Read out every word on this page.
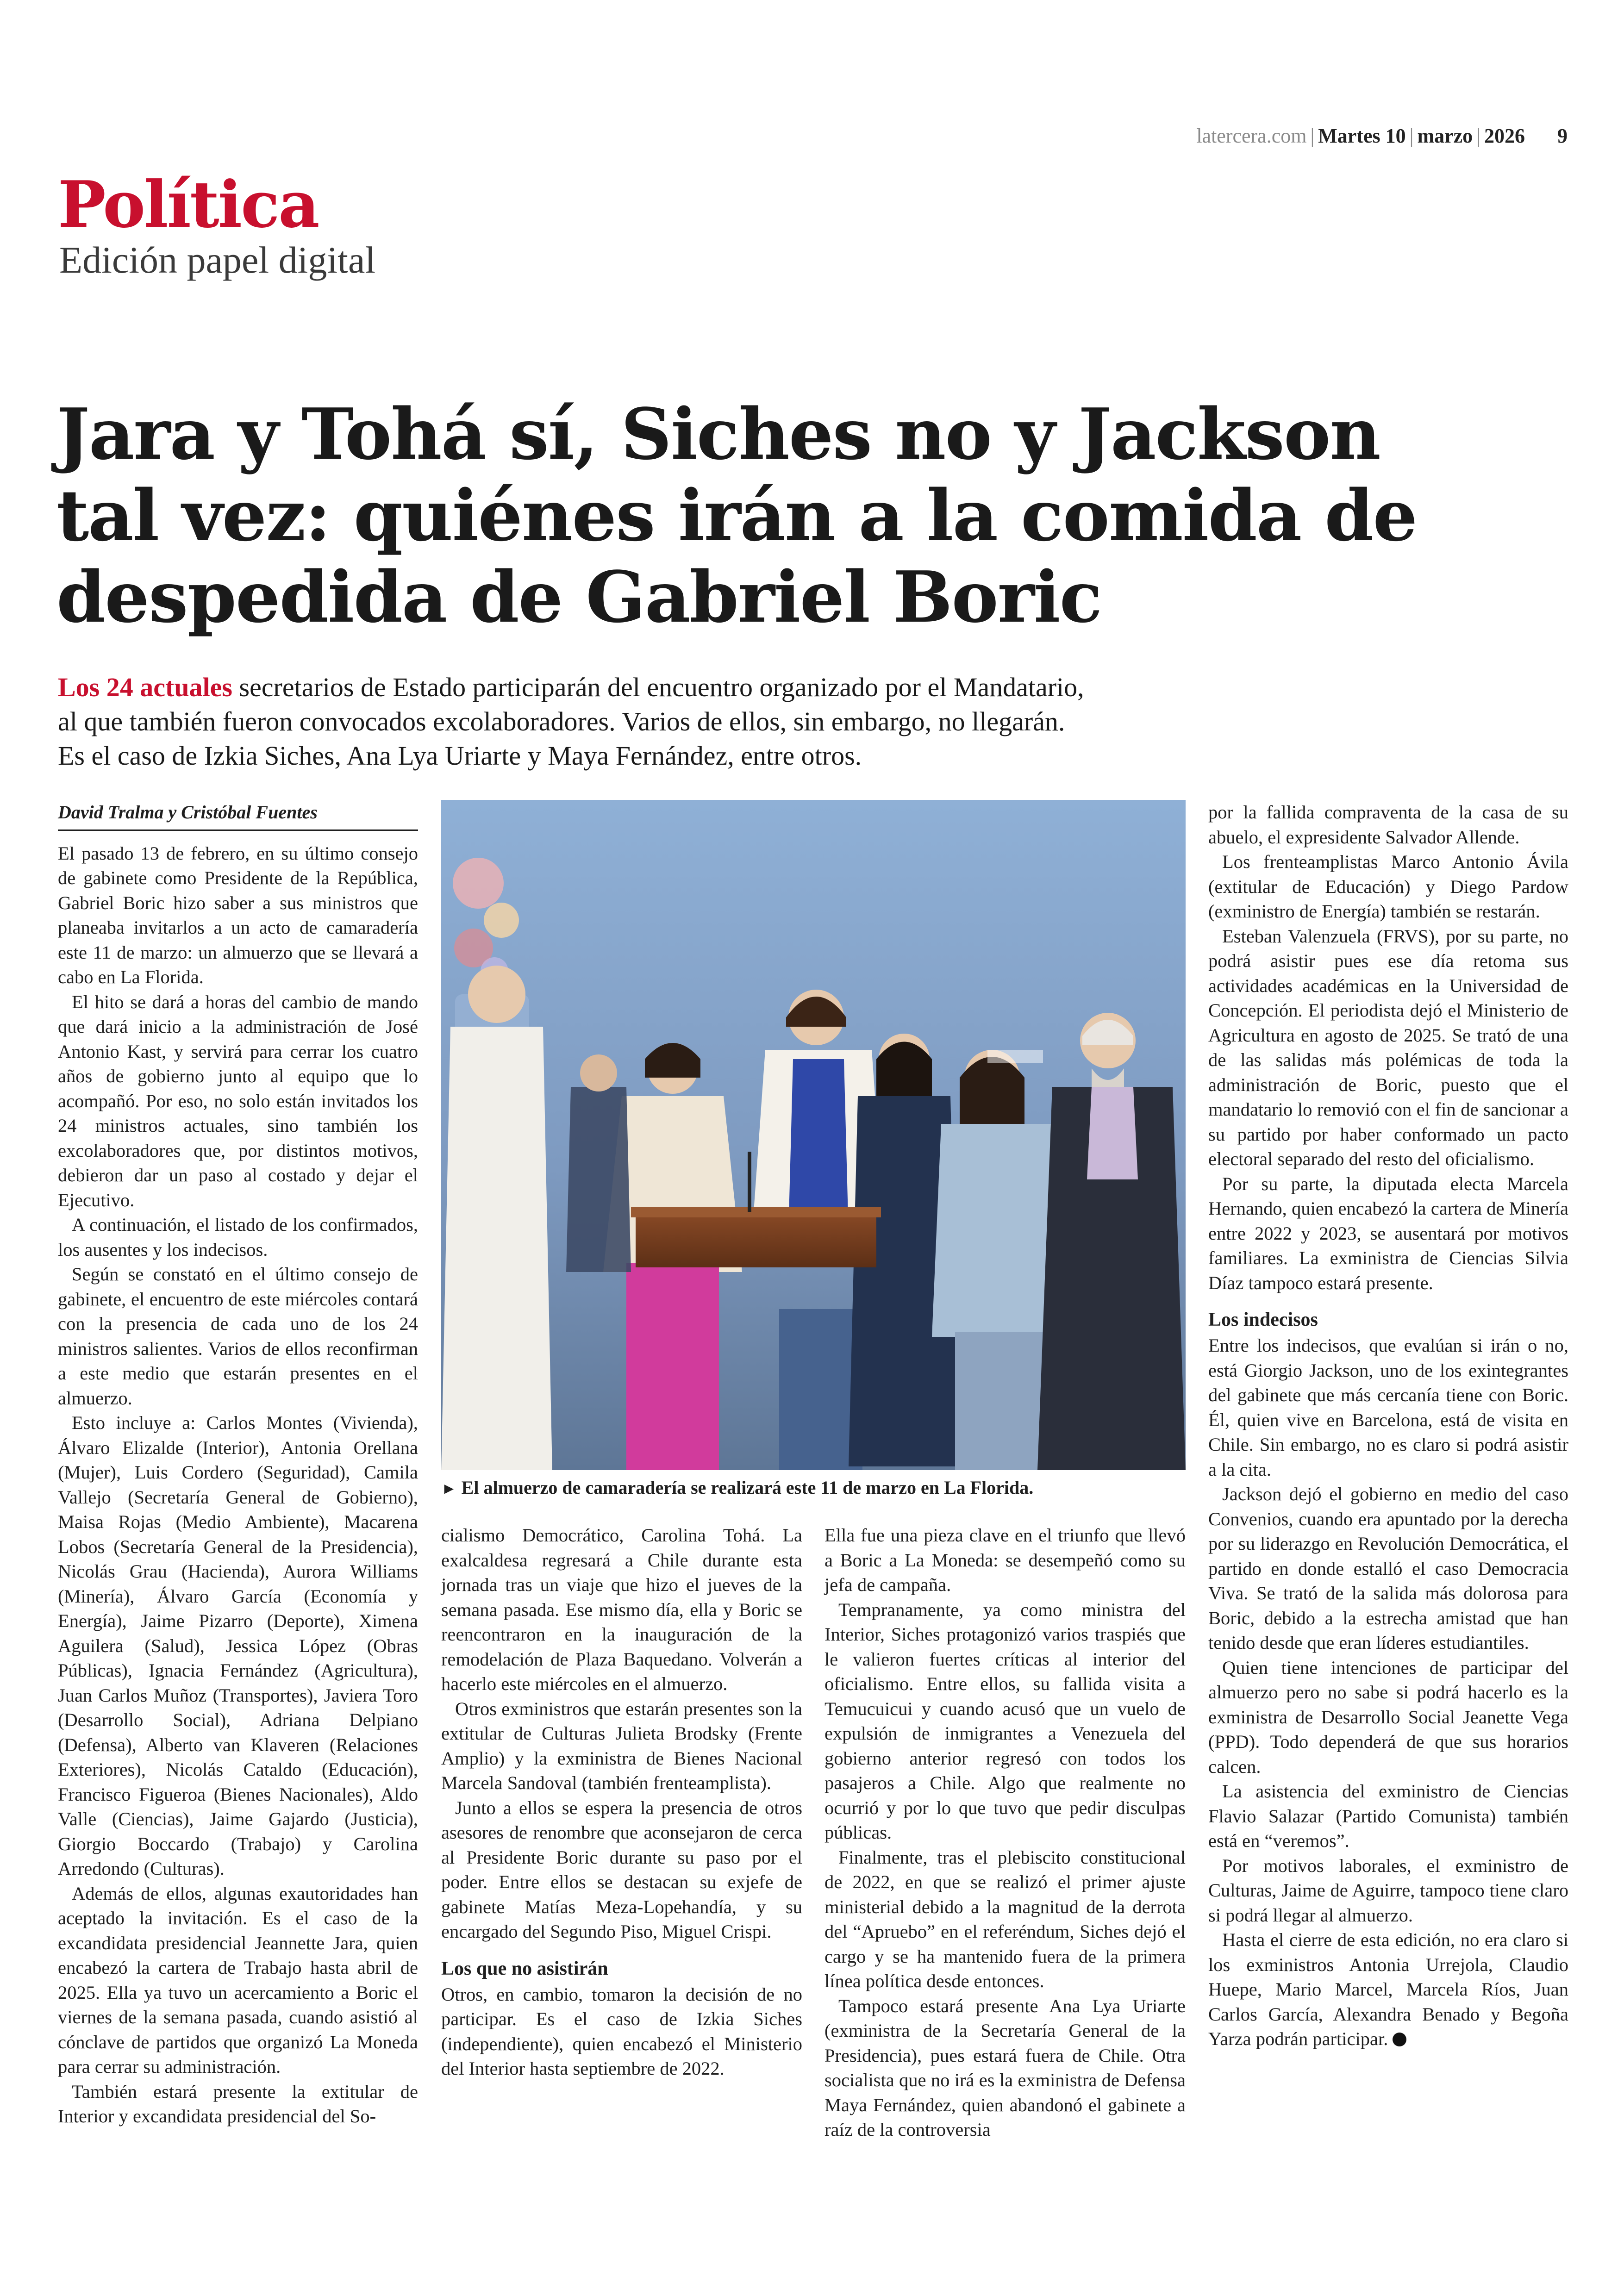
latercera.com | Martes 10 | marzo | 2026 9
Política
Edición papel digital
Jara y Tohá sí, Siches no y Jackson
tal vez: quiénes irán a la comida de
despedida de Gabriel Boric
Los 24 actuales secretarios de Estado participarán del encuentro organizado por el Mandatario,
al que también fueron convocados excolaboradores. Varios de ellos, sin embargo, no llegarán.
Es el caso de Izkia Siches, Ana Lya Uriarte y Maya Fernández, entre otros.
David Tralma y Cristóbal Fuentes

El pasado 13 de febrero, en su último consejo de gabinete como Presidente de la República, Gabriel Boric hizo saber a sus ministros que planeaba invitarlos a un acto de camaradería este 11 de marzo: un almuerzo que se llevará a cabo en La Florida.

El hito se dará a horas del cambio de mando que dará inicio a la administración de José Antonio Kast, y servirá para cerrar los cuatro años de gobierno junto al equipo que lo acompañó. Por eso, no solo están invitados los 24 ministros actuales, sino también los excolaboradores que, por distintos motivos, debieron dar un paso al costado y dejar el Ejecutivo.

A continuación, el listado de los confirmados, los ausentes y los indecisos.

Según se constató en el último consejo de gabinete, el encuentro de este miércoles contará con la presencia de cada uno de los 24 ministros salientes. Varios de ellos reconfirman a este medio que estarán presentes en el almuerzo.

Esto incluye a: Carlos Montes (Vivienda), Álvaro Elizalde (Interior), Antonia Orellana (Mujer), Luis Cordero (Seguridad), Camila Vallejo (Secretaría General de Gobierno), Maisa Rojas (Medio Ambiente), Macarena Lobos (Secretaría General de la Presidencia), Nicolás Grau (Hacienda), Aurora Williams (Minería), Álvaro García (Economía y Energía), Jaime Pizarro (Deporte), Ximena Aguilera (Salud), Jessica López (Obras Públicas), Ignacia Fernández (Agricultura), Juan Carlos Muñoz (Transportes), Javiera Toro (Desarrollo Social), Adriana Delpiano (Defensa), Alberto van Klaveren (Relaciones Exteriores), Nicolás Cataldo (Educación), Francisco Figueroa (Bienes Nacionales), Aldo Valle (Ciencias), Jaime Gajardo (Justicia), Giorgio Boccardo (Trabajo) y Carolina Arredondo (Culturas).

Además de ellos, algunas exautoridades han aceptado la invitación. Es el caso de la excandidata presidencial Jeannette Jara, quien encabezó la cartera de Trabajo hasta abril de 2025. Ella ya tuvo un acercamiento a Boric el viernes de la semana pasada, cuando asistió al cónclave de partidos que organizó La Moneda para cerrar su administración.

También estará presente la extitular de Interior y excandidata presidencial del So-

► El almuerzo de camaradería se realizará este 11 de marzo en La Florida.

cialismo Democrático, Carolina Tohá. La exalcaldesa regresará a Chile durante esta jornada tras un viaje que hizo el jueves de la semana pasada. Ese mismo día, ella y Boric se reencontraron en la inauguración de la remodelación de Plaza Baquedano. Volverán a hacerlo este miércoles en el almuerzo.

Otros exministros que estarán presentes son la extitular de Culturas Julieta Brodsky (Frente Amplio) y la exministra de Bienes Nacional Marcela Sandoval (también frenteamplista).

Junto a ellos se espera la presencia de otros asesores de renombre que aconsejaron de cerca al Presidente Boric durante su paso por el poder. Entre ellos se destacan su exjefe de gabinete Matías Meza-Lopehandía, y su encargado del Segundo Piso, Miguel Crispi.

Los que no asistirán

Otros, en cambio, tomaron la decisión de no participar. Es el caso de Izkia Siches (independiente), quien encabezó el Ministerio del Interior hasta septiembre de 2022.

Ella fue una pieza clave en el triunfo que llevó a Boric a La Moneda: se desempeñó como su jefa de campaña.

Tempranamente, ya como ministra del Interior, Siches protagonizó varios traspiés que le valieron fuertes críticas al interior del oficialismo. Entre ellos, su fallida visita a Temucuicui y cuando acusó que un vuelo de expulsión de inmigrantes a Venezuela del gobierno anterior regresó con todos los pasajeros a Chile. Algo que realmente no ocurrió y por lo que tuvo que pedir disculpas públicas.

Finalmente, tras el plebiscito constitucional de 2022, en que se realizó el primer ajuste ministerial debido a la magnitud de la derrota del “Apruebo” en el referéndum, Siches dejó el cargo y se ha mantenido fuera de la primera línea política desde entonces.

Tampoco estará presente Ana Lya Uriarte (exministra de la Secretaría General de la Presidencia), pues estará fuera de Chile. Otra socialista que no irá es la exministra de Defensa Maya Fernández, quien abandonó el gabinete a raíz de la controversia

por la fallida compraventa de la casa de su abuelo, el expresidente Salvador Allende.

Los frenteamplistas Marco Antonio Ávila (extitular de Educación) y Diego Pardow (exministro de Energía) también se restarán.

Esteban Valenzuela (FRVS), por su parte, no podrá asistir pues ese día retoma sus actividades académicas en la Universidad de Concepción. El periodista dejó el Ministerio de Agricultura en agosto de 2025. Se trató de una de las salidas más polémicas de toda la administración de Boric, puesto que el mandatario lo removió con el fin de sancionar a su partido por haber conformado un pacto electoral separado del resto del oficialismo.

Por su parte, la diputada electa Marcela Hernando, quien encabezó la cartera de Minería entre 2022 y 2023, se ausentará por motivos familiares. La exministra de Ciencias Silvia Díaz tampoco estará presente.

Los indecisos

Entre los indecisos, que evalúan si irán o no, está Giorgio Jackson, uno de los exintegrantes del gabinete que más cercanía tiene con Boric. Él, quien vive en Barcelona, está de visita en Chile. Sin embargo, no es claro si podrá asistir a la cita.

Jackson dejó el gobierno en medio del caso Convenios, cuando era apuntado por la derecha por su liderazgo en Revolución Democrática, el partido en donde estalló el caso Democracia Viva. Se trató de la salida más dolorosa para Boric, debido a la estrecha amistad que han tenido desde que eran líderes estudiantiles.

Quien tiene intenciones de participar del almuerzo pero no sabe si podrá hacerlo es la exministra de Desarrollo Social Jeanette Vega (PPD). Todo dependerá de que sus horarios calcen.

La asistencia del exministro de Ciencias Flavio Salazar (Partido Comunista) también está en “veremos”.

Por motivos laborales, el exministro de Culturas, Jaime de Aguirre, tampoco tiene claro si podrá llegar al almuerzo.

Hasta el cierre de esta edición, no era claro si los exministros Antonia Urrejola, Claudio Huepe, Mario Marcel, Marcela Ríos, Juan Carlos García, Alexandra Benado y Begoña Yarza podrán participar.
